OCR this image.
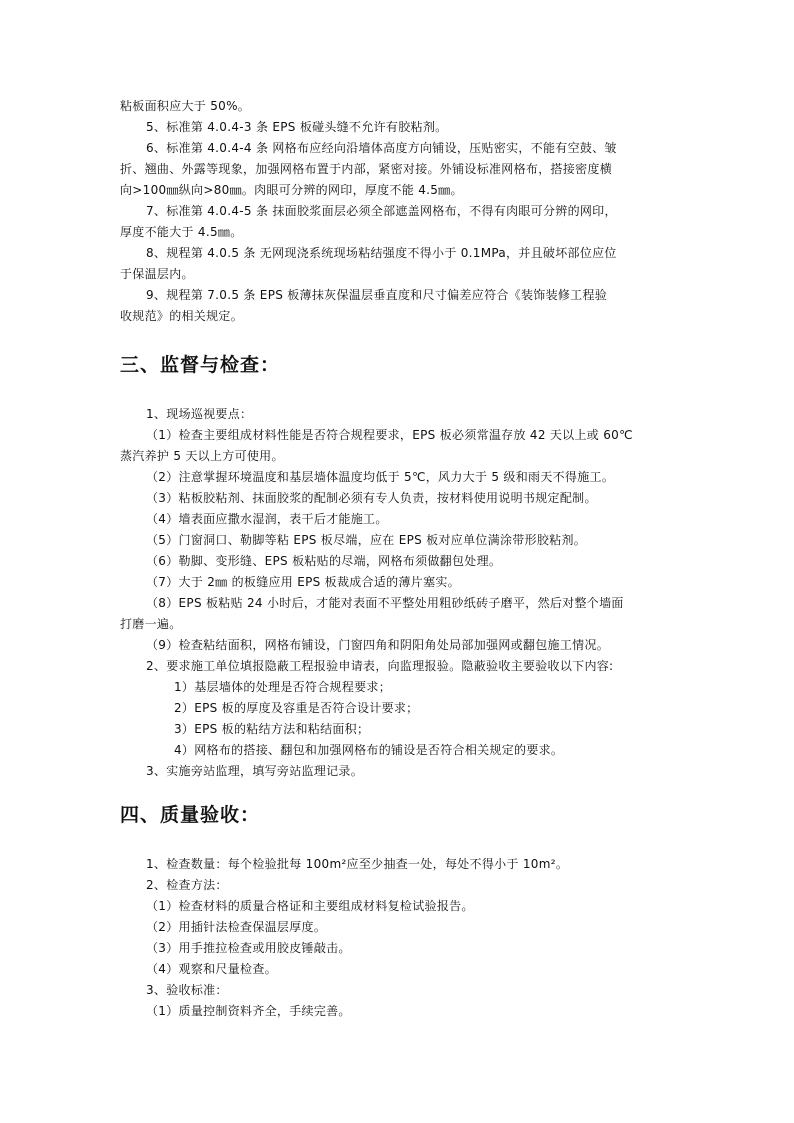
粘板面积应大于 50%。
5、标准第 4.0.4-3 条 EPS 板碰头缝不允许有胶粘剂。
6、标准第 4.0.4-4 条 网格布应经向沿墙体高度方向铺设，压贴密实，不能有空鼓、皱
折、翘曲、外露等现象，加强网格布置于内部，紧密对接。外铺设标准网格布，搭接密度横
向>100㎜纵向>80㎜。肉眼可分辨的网印，厚度不能 4.5㎜。
7、标准第 4.0.4-5 条 抹面胶浆面层必须全部遮盖网格布，不得有肉眼可分辨的网印，
厚度不能大于 4.5㎜。
8、规程第 4.0.5 条 无网现浇系统现场粘结强度不得小于 0.1MPa，并且破坏部位应位
于保温层内。
9、规程第 7.0.5 条 EPS 板薄抹灰保温层垂直度和尺寸偏差应符合《装饰装修工程验
收规范》的相关规定。
三、监督与检查：
1、现场巡视要点：
（1）检查主要组成材料性能是否符合规程要求，EPS 板必须常温存放 42 天以上或 60℃
蒸汽养护 5 天以上方可使用。
（2）注意掌握环境温度和基层墙体温度均低于 5℃，风力大于 5 级和雨天不得施工。
（3）粘板胶粘剂、抹面胶浆的配制必须有专人负责，按材料使用说明书规定配制。
（4）墙表面应撒水湿润，表干后才能施工。
（5）门窗洞口、勒脚等粘 EPS 板尽端，应在 EPS 板对应单位满涂带形胶粘剂。
（6）勒脚、变形缝、EPS 板粘贴的尽端，网格布须做翻包处理。
（7）大于 2㎜ 的板缝应用 EPS 板裁成合适的薄片塞实。
（8）EPS 板粘贴 24 小时后，才能对表面不平整处用粗砂纸砖子磨平，然后对整个墙面
打磨一遍。
（9）检查粘结面积，网格布铺设，门窗四角和阴阳角处局部加强网或翻包施工情况。
2、要求施工单位填报隐蔽工程报验申请表，向监理报验。隐蔽验收主要验收以下内容:
1）基层墙体的处理是否符合规程要求；
2）EPS 板的厚度及容重是否符合设计要求；
3）EPS 板的粘结方法和粘结面积；
4）网格布的搭接、翻包和加强网格布的铺设是否符合相关规定的要求。
3、实施旁站监理，填写旁站监理记录。
四、质量验收：
1、检查数量：每个检验批每 100m²应至少抽查一处，每处不得小于 10m²。
2、检查方法：
（1）检查材料的质量合格证和主要组成材料复检试验报告。
（2）用插针法检查保温层厚度。
（3）用手推拉检查或用胶皮锤敲击。
（4）观察和尺量检查。
3、验收标准：
（1）质量控制资料齐全，手续完善。
